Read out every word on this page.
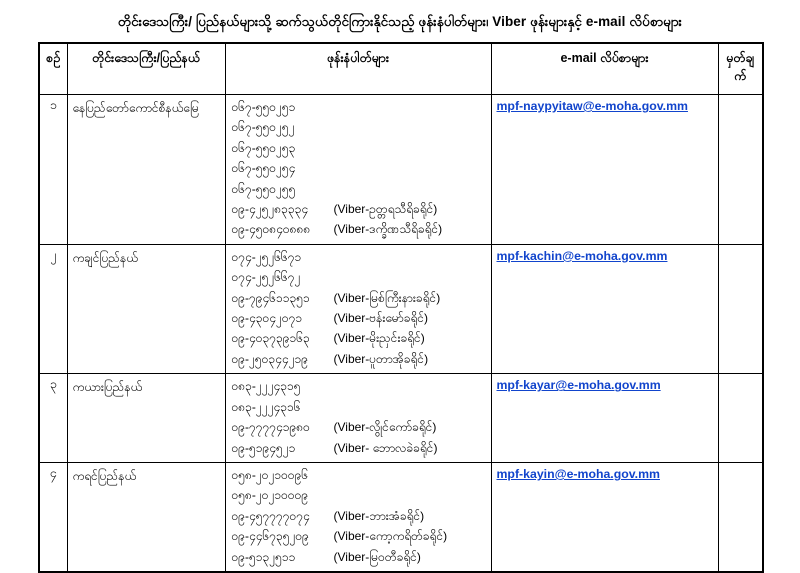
တိုင်းဒေသကြီး/ ပြည်နယ်များသို့ ဆက်သွယ်တိုင်ကြားနိုင်သည့် ဖုန်းနံပါတ်များ၊ Viber ဖုန်းများနှင့် e-mail လိပ်စာများ
စဉ်	တိုင်းဒေသကြီး/ပြည်နယ်	ဖုန်းနံပါတ်များ	e-mail လိပ်စာများ	မှတ်ချက်
၁	နေပြည်တော်ကောင်စီနယ်မြေ	၀၆၇-၅၅၀၂၅၁
၀၆၇-၅၅၀၂၅၂
၀၆၇-၅၅၀၂၅၃
၀၆၇-၅၅၀၂၅၄
၀၆၇-၅၅၀၂၅၅
၀၉-၄၂၅၂၈၃၃၃၄	(Viber-ဥတ္တရသီရိခရိုင်)
၀၉-၄၅၀၈၄၀၈၈၈	(Viber-ဒက္ခိဏသီရိခရိုင်)
	mpf-naypyitaw@e-moha.gov.mm	
၂	ကချင်ပြည်နယ်	၀၇၄-၂၅၂၆၆၇၁
၀၇၄-၂၅၂၆၆၇၂
၀၉-၇၉၄၆၁၁၃၅၁	(Viber-မြစ်ကြီးနားခရိုင်)
၀၉-၄၃၀၄၂၀၇၁	(Viber-ဗန်းမော်ခရိုင်)
၀၉-၄၀၃၇၃၉၁၆၃	(Viber-မိုးညှင်းခရိုင်)
၀၉-၂၅၀၃၄၄၂၁၉	(Viber-ပူတာအိုခရိုင်)
	mpf-kachin@e-moha.gov.mm	
၃	ကယားပြည်နယ်	၀၈၃-၂၂၂၄၃၁၅
၀၈၃-၂၂၂၄၃၁၆
၀၉-၇၇၇၇၄၁၉၈၀	(Viber-လွိုင်ကော်ခရိုင်)
၀၉-၅၁၉၄၅၂၁	(Viber- ဘောလခဲခရိုင်)
	mpf-kayar@e-moha.gov.mm	
၄	ကရင်ပြည်နယ်	၀၅၈-၂၀၂၁၀၀၉၆
၀၅၈-၂၀၂၁၀၀၀၉
၀၉-၄၅၇၇၇၇၀၇၄	(Viber-ဘားအံခရိုင်)
၀၉-၄၄၆၇၃၅၂၀၉	(Viber-ကော့ကရိတ်ခရိုင်)
၀၉-၅၁၃၂၅၁၁	(Viber-မြဝတီခရိုင်)
	mpf-kayin@e-moha.gov.mm	
